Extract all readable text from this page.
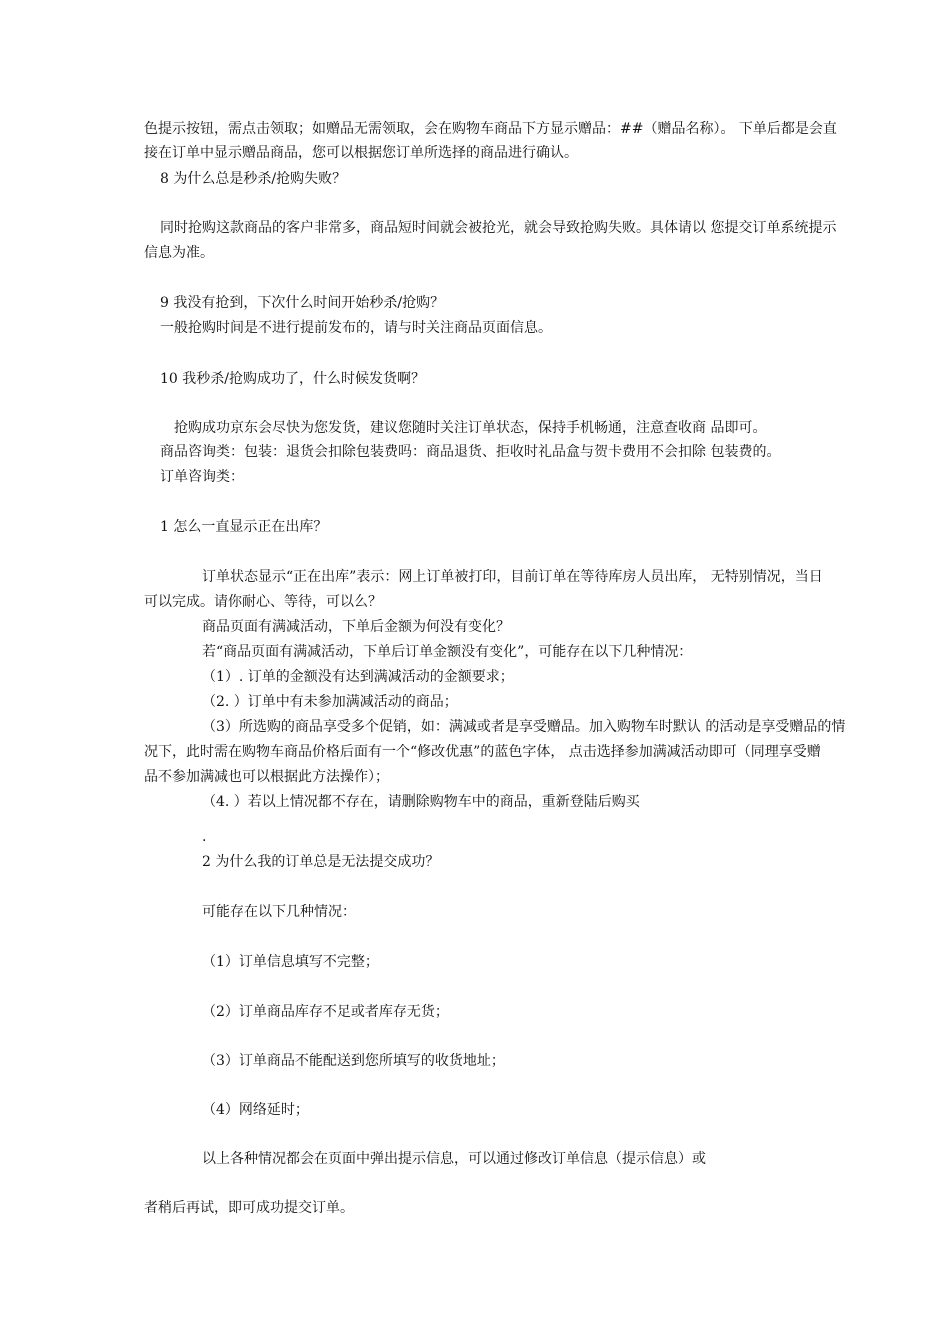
色提示按钮，需点击领取；如赠品无需领取，会在购物车商品下方显示赠品：##（赠品名称）。 下单后都是会直
接在订单中显示赠品商品，您可以根据您订单所选择的商品进行确认。
8 为什么总是秒杀/抢购失败？
同时抢购这款商品的客户非常多，商品短时间就会被抢光，就会导致抢购失败。具体请以 您提交订单系统提示
信息为准。
9 我没有抢到，下次什么时间开始秒杀/抢购？
一般抢购时间是不进行提前发布的，请与时关注商品页面信息。
10 我秒杀/抢购成功了，什么时候发货啊？
抢购成功京东会尽快为您发货，建议您随时关注订单状态，保持手机畅通，注意查收商 品即可。
商品咨询类：包装：退货会扣除包装费吗：商品退货、拒收时礼品盒与贺卡费用不会扣除 包装费的。
订单咨询类：
1 怎么一直显示正在出库？
订单状态显示“正在出库”表示：网上订单被打印，目前订单在等待库房人员出库， 无特别情况，当日
可以完成。请你耐心、等待，可以么？
商品页面有满减活动，下单后金额为何没有变化？
若“商品页面有满减活动，下单后订单金额没有变化”，可能存在以下几种情况：
（1）. 订单的金额没有达到满减活动的金额要求；
（2. ）订单中有未参加满减活动的商品；
（3）所选购的商品享受多个促销，如：满减或者是享受赠品。加入购物车时默认 的活动是享受赠品的情
况下，此时需在购物车商品价格后面有一个“修改优惠”的蓝色字体， 点击选择参加满减活动即可（同理享受赠
品不参加满减也可以根据此方法操作）；
（4. ）若以上情况都不存在，请删除购物车中的商品，重新登陆后购买
.
2 为什么我的订单总是无法提交成功？
可能存在以下几种情况：
（1）订单信息填写不完整；
（2）订单商品库存不足或者库存无货；
（3）订单商品不能配送到您所填写的收货地址；
（4）网络延时；
以上各种情况都会在页面中弹出提示信息，可以通过修改订单信息（提示信息）或
者稍后再试，即可成功提交订单。
